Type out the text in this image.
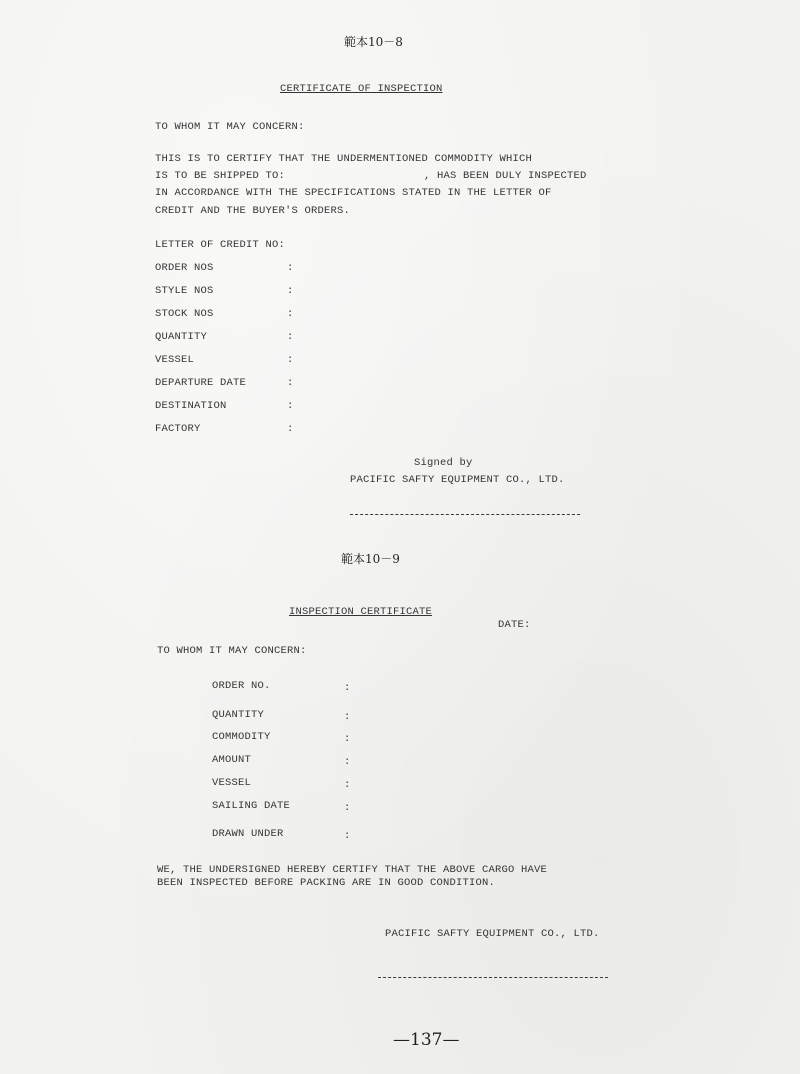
範本10－8
CERTIFICATE OF INSPECTION
TO WHOM IT MAY CONCERN:
THIS IS TO CERTIFY THAT THE UNDERMENTIONED COMMODITY WHICH
IS TO BE SHIPPED TO:	, HAS BEEN DULY INSPECTED
IN ACCORDANCE WITH THE SPECIFICATIONS STATED IN THE LETTER OF
CREDIT AND THE BUYER'S ORDERS.
LETTER OF CREDIT NO:
ORDER NOS	:
STYLE NOS	:
STOCK NOS	:
QUANTITY	:
VESSEL	:
DEPARTURE DATE	:
DESTINATION	:
FACTORY	:
Signed by
PACIFIC SAFTY EQUIPMENT CO., LTD.
範本10－9
INSPECTION CERTIFICATE
DATE:
TO WHOM IT MAY CONCERN:
ORDER NO.	:
QUANTITY	:
COMMODITY	:
AMOUNT	:
VESSEL	:
SAILING DATE	:
DRAWN UNDER	:
WE, THE UNDERSIGNED HEREBY CERTIFY THAT THE ABOVE CARGO HAVE
BEEN INSPECTED BEFORE PACKING ARE IN GOOD CONDITION.
PACIFIC SAFTY EQUIPMENT CO., LTD.
—137—
